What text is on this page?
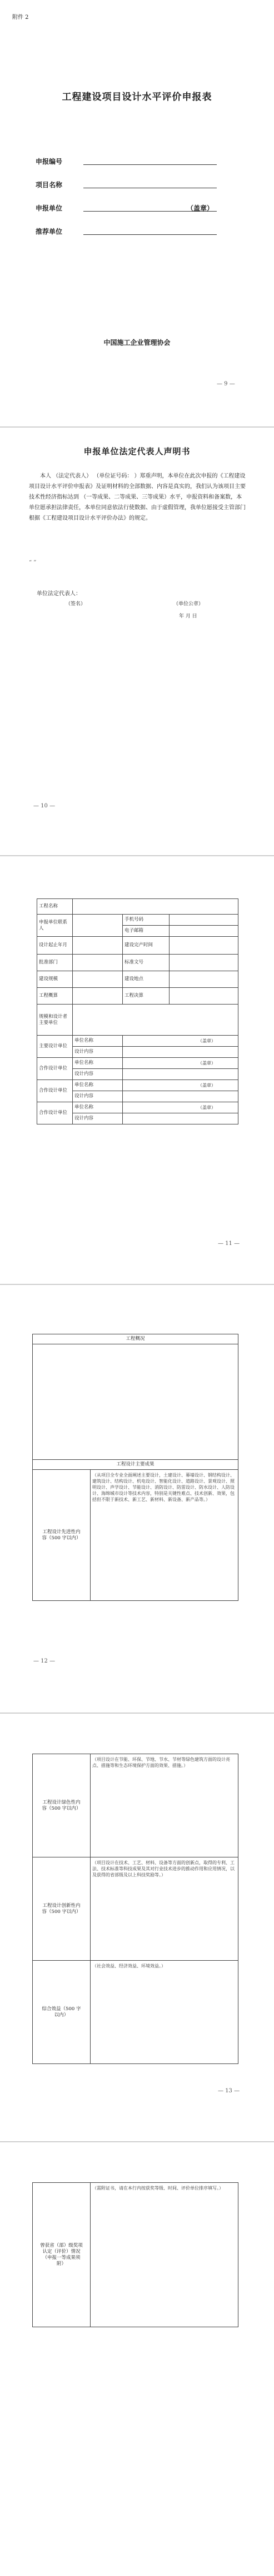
附件 2
工程建设项目设计水平评价申报表
申报编号
项目名称
申报单位	（盖章）
推荐单位
中国施工企业管理协会
— 9 —
申报单位法定代表人声明书
本人 （法定代表人） （单位证号码： ）郑重声明，本单位在此次申报的《工程建设项目设计水平评价申报表》及证明材料的全部数据、内容是真实的，我们认为该项目主要技术性经济指标达到 （一等成果、二等成果、三等成果）水平，申报资料和备案数，本单位愿承担法律责任，本单位同意依法行使数据、由于虚假管理，我单位愿接受主管部门根据《工程建设项目设计水平评价办法》的规定。
“ ”
单位法定代表人：
（签名）	（单位公章）
年 月 日
— 10 —
工程名称			
申报单位联系人		手机号码	
		电子邮箱	
设计起止年月		建设完产时间	
批准部门		标准文号	
建设规模		建设地点	
工程概算		工程决算	
规模和设计者主要单位			
主要设计单位	单位名称	（盖章）	
	设计内容		
合作设计单位	单位名称	（盖章）	
	设计内容		
合作设计单位	单位名称	（盖章）	
	设计内容		
合作设计单位	单位名称	（盖章）	
	设计内容		
— 11 —
工程概况

工程设计主要成果
工程设计先进性内容（500 字以内）	（从项目全专业全面阐述主要设计，土建设计、幕墙设计、钢结构设计、建筑设计、结构设计、机电设计、智能化设计、道路设计、景观设计、照明设计、声学设计、节能设计、消防设计、防雷设计、防水设计、人防设计、海绵城市设计等技术内容，特别是关键性难点、技术创新、效果，包括但不限于新技术、新工艺、新材料、新设备、新产品等。）
— 12 —
工程设计绿色性内容（500 字以内）	（项目设计在节能、环保、节地、节水、节材等绿色建筑方面的设计亮点、措施等和生态环境保护方面的效果、措施。）
工程设计创新性内容（500 字以内）	（项目设计在技术、工艺、材料、设备等方面的创新点，取得的专利、工法、技术标准等科技成果及其对行业技术进步的推动作用和应用情况，以及获得的省部级及以上科技奖励等。）
综合效益（500 字以内）	（社会效益、经济效益、环境效益。）
— 13 —
曾获省（部）级奖项认定（评价）情况（申报一等成果须附）	（需附证书，请在本行内按获奖等级、时间、评价单位排序填写。）
